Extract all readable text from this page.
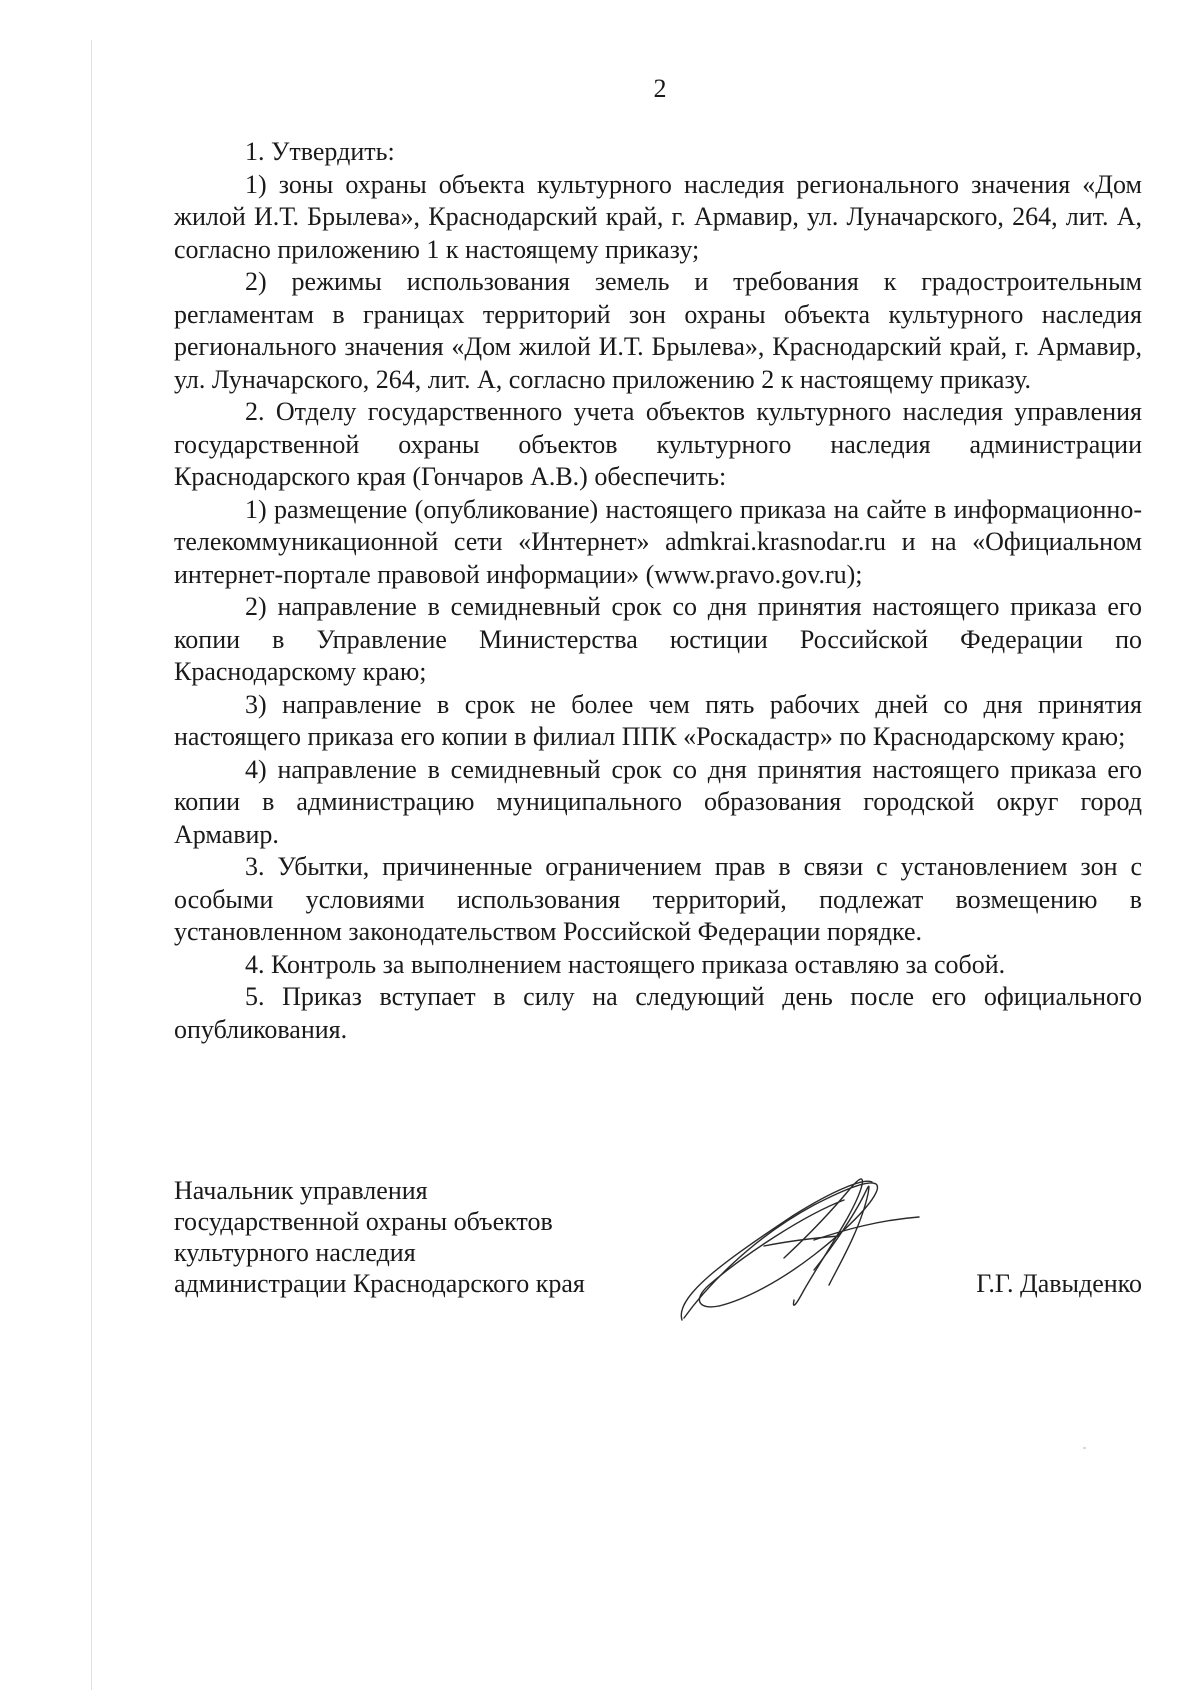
2

1. Утвердить:

1) зоны охраны объекта культурного наследия регионального значения «Дом жилой И.Т. Брылева», Краснодарский край, г. Армавир, ул. Луначарского, 264, лит. А, согласно приложению 1 к настоящему приказу;

2) режимы использования земель и требования к градостроительным регламентам в границах территорий зон охраны объекта культурного наследия регионального значения «Дом жилой И.Т. Брылева», Краснодарский край, г. Армавир, ул. Луначарского, 264, лит. А, согласно приложению 2 к настоящему приказу.

2. Отделу государственного учета объектов культурного наследия управления государственной охраны объектов культурного наследия администрации Краснодарского края (Гончаров А.В.) обеспечить:

1) размещение (опубликование) настоящего приказа на сайте в информационно-телекоммуникационной сети «Интернет» admkrai.krasnodar.ru и на «Официальном интернет-портале правовой информации» (www.pravo.gov.ru);

2) направление в семидневный срок со дня принятия настоящего приказа его копии в Управление Министерства юстиции Российской Федерации по Краснодарскому краю;

3) направление в срок не более чем пять рабочих дней со дня принятия настоящего приказа его копии в филиал ППК «Роскадастр» по Краснодарскому краю;

4) направление в семидневный срок со дня принятия настоящего приказа его копии в администрацию муниципального образования городской округ город Армавир.

3. Убытки, причиненные ограничением прав в связи с установлением зон с особыми условиями использования территорий, подлежат возмещению в установленном законодательством Российской Федерации порядке.

4. Контроль за выполнением настоящего приказа оставляю за собой.

5. Приказ вступает в силу на следующий день после его официального опубликования.

Начальник управления
государственной охраны объектов
культурного наследия
администрации Краснодарского края	Г.Г. Давыденко
